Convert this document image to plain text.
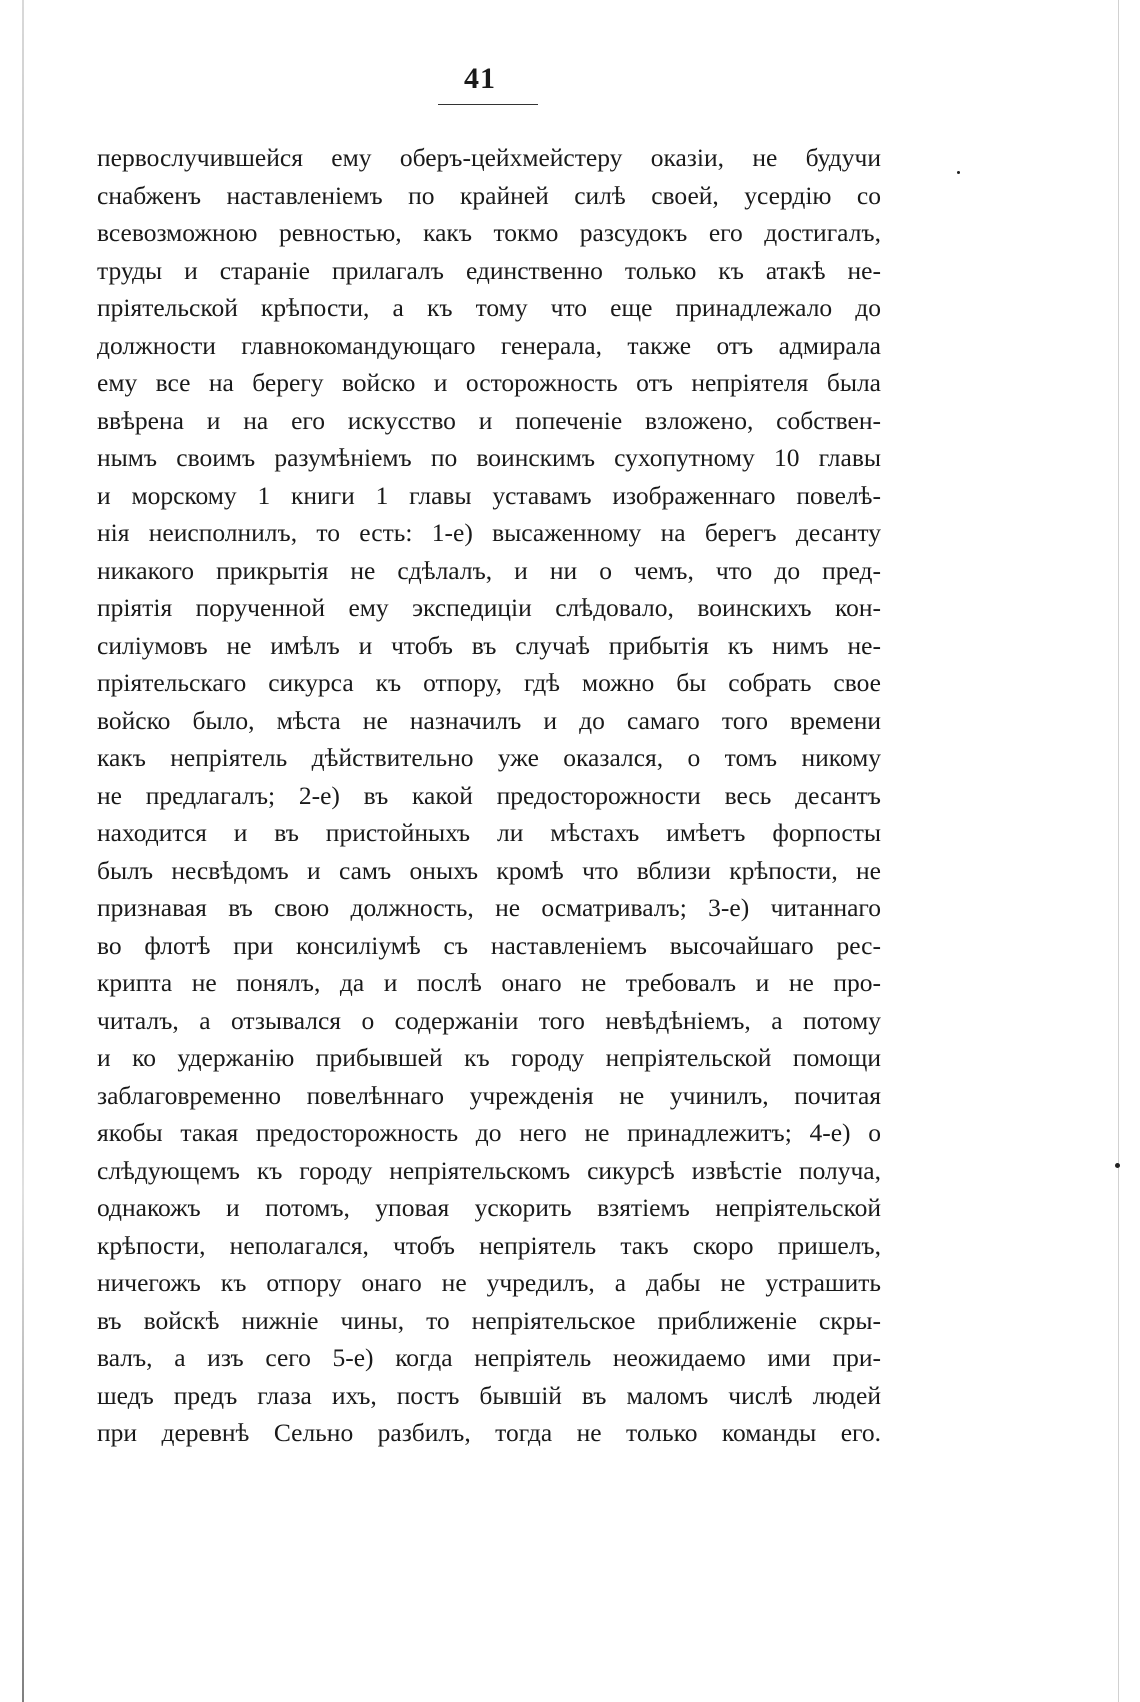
41
первослучившейся ему оберъ-цейхмейстеру оказіи, не будучи
снабженъ наставленіемъ по крайней силѣ своей, усердію со
всевозможною ревностью, какъ токмо разсудокъ его достигалъ,
труды и стараніе прилагалъ единственно только къ атакѣ не-
пріятельской крѣпости, а къ тому что еще принадлежало до
должности главнокомандующаго генерала, также отъ адмирала
ему все на берегу войско и осторожность отъ непріятеля была
ввѣрена и на его искусство и попеченіе взложено, собствен-
нымъ своимъ разумѣніемъ по воинскимъ сухопутному 10 главы
и морскому 1 книги 1 главы уставамъ изображеннаго повелѣ-
нія неисполнилъ, то есть: 1-е) высаженному на берегъ десанту
никакого прикрытія не сдѣлалъ, и ни о чемъ, что до пред-
пріятія порученной ему экспедиціи слѣдовало, воинскихъ кон-
силіумовъ не имѣлъ и чтобъ въ случаѣ прибытія къ нимъ не-
пріятельскаго сикурса къ отпору, гдѣ можно бы собрать свое
войско было, мѣста не назначилъ и до самаго того времени
какъ непріятель дѣйствительно уже оказался, о томъ никому
не предлагалъ; 2-е) въ какой предосторожности весь десантъ
находится и въ пристойныхъ ли мѣстахъ имѣетъ форпосты
былъ несвѣдомъ и самъ оныхъ кромѣ что вблизи крѣпости, не
признавая въ свою должность, не осматривалъ; 3-е) читаннаго
во флотѣ при консиліумѣ съ наставленіемъ высочайшаго рес-
крипта не понялъ, да и послѣ онаго не требовалъ и не про-
читалъ, а отзывался о содержаніи того невѣдѣніемъ, а потому
и ко удержанію прибывшей къ городу непріятельской помощи
заблаговременно повелѣннаго учрежденія не учинилъ, почитая
якобы такая предосторожность до него не принадлежитъ; 4-е) о
слѣдующемъ къ городу непріятельскомъ сикурсѣ извѣстіе получа,
однакожъ и потомъ, уповая ускорить взятіемъ непріятельской
крѣпости, неполагался, чтобъ непріятель такъ скоро пришелъ,
ничегожъ къ отпору онаго не учредилъ, а дабы не устрашить
въ войскѣ нижніе чины, то непріятельское приближеніе скры-
валъ, а изъ сего 5-е) когда непріятель неожидаемо ими при-
шедъ предъ глаза ихъ, постъ бывшій въ маломъ числѣ людей
при деревнѣ Сельно разбилъ, тогда не только команды его.
